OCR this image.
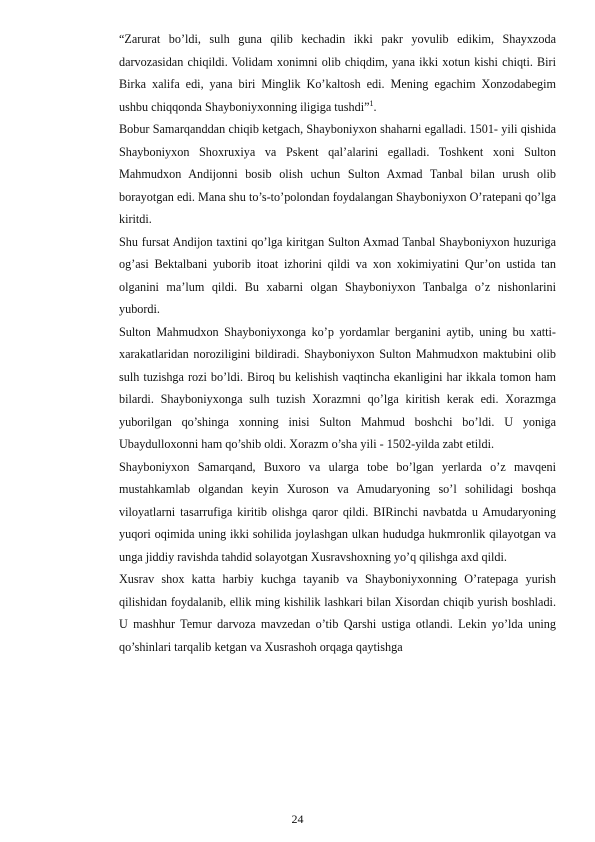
“Zarurat bo’ldi, sulh guna qilib kechadin ikki pakr yovulib edikim, Shayxzoda darvozasidan chiqildi. Volidam xonimni olib chiqdim, yana ikki xotun kishi chiqti. Biri Birka xalifa edi, yana biri Minglik Ko’kaltosh edi. Mening egachim Xonzodabegim ushbu chiqqonda Shayboniyxonning iligiga tushdi”$^1$.

Bobur Samarqanddan chiqib ketgach, Shayboniyxon shaharni egalladi. 1501- yili qishida Shayboniyxon Shoxruxiya va Pskent qal’alarini egalladi. Toshkent xoni Sulton Mahmudxon Andijonni bosib olish uchun Sulton Axmad Tanbal bilan urush olib borayotgan edi. Mana shu to’s-to’polondan foydalangan Shayboniyxon O’ratepani qo’lga kiritdi.

Shu fursat Andijon taxtini qo’lga kiritgan Sulton Axmad Tanbal Shayboniyxon huzuriga og’asi Bektalbani yuborib itoat izhorini qildi va xon xokimiyatini Qur’on ustida tan olganini ma’lum qildi. Bu xabarni olgan Shayboniyxon Tanbalga o’z nishonlarini yubordi.

Sulton Mahmudxon Shayboniyxonga ko’p yordamlar berganini aytib, uning bu xatti-xarakatlaridan noroziligini bildiradi. Shayboniyxon Sulton Mahmudxon maktubini olib sulh tuzishga rozi bo’ldi. Biroq bu kelishish vaqtincha ekanligini har ikkala tomon ham bilardi. Shayboniyxonga sulh tuzish Xorazmni qo’lga kiritish kerak edi. Xorazmga yuborilgan qo’shinga xonning inisi Sulton Mahmud boshchi bo’ldi. U yoniga Ubaydulloxonni ham qo’shib oldi. Xorazm o’sha yili - 1502-yilda zabt etildi.

Shayboniyxon Samarqand, Buxoro va ularga tobe bo’lgan yerlarda o’z mavqeni mustahkamlab olgandan keyin Xuroson va Amudaryoning so’l sohilidagi boshqa viloyatlarni tasarrufiga kiritib olishga qaror qildi. BIRinchi navbatda u Amudaryoning yuqori oqimida uning ikki sohilida joylashgan ulkan hududga hukmronlik qilayotgan va unga jiddiy ravishda tahdid solayotgan Xusravshoxning yo’q qilishga axd qildi.

Xusrav shox katta harbiy kuchga tayanib va Shayboniyxonning O’ratepaga yurish qilishidan foydalanib, ellik ming kishilik lashkari bilan Xisordan chiqib yurish boshladi. U mashhur Temur darvoza mavzedan o’tib Qarshi ustiga otlandi. Lekin yo’lda uning qo’shinlari tarqalib ketgan va Xusrashoh orqaga qaytishga

24
